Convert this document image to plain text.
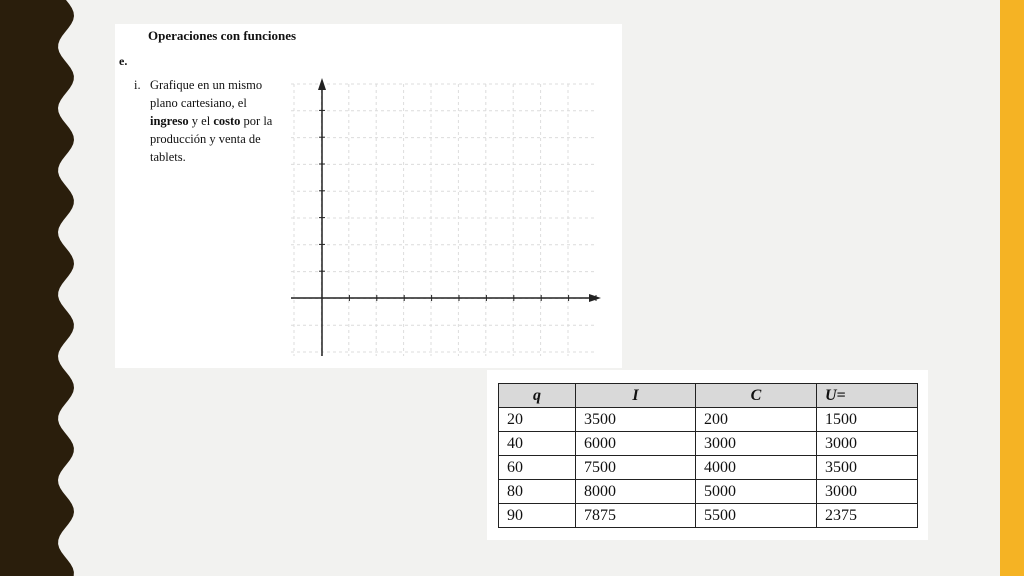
Operaciones con funciones
e.
i. Grafique en un mismo
plano cartesiano, el
ingreso y el costo por la
producción y venta de
tablets.
q	I	C	U=
20	3500	200	1500
40	6000	3000	3000
60	7500	4000	3500
80	8000	5000	3000
90	7875	5500	2375
